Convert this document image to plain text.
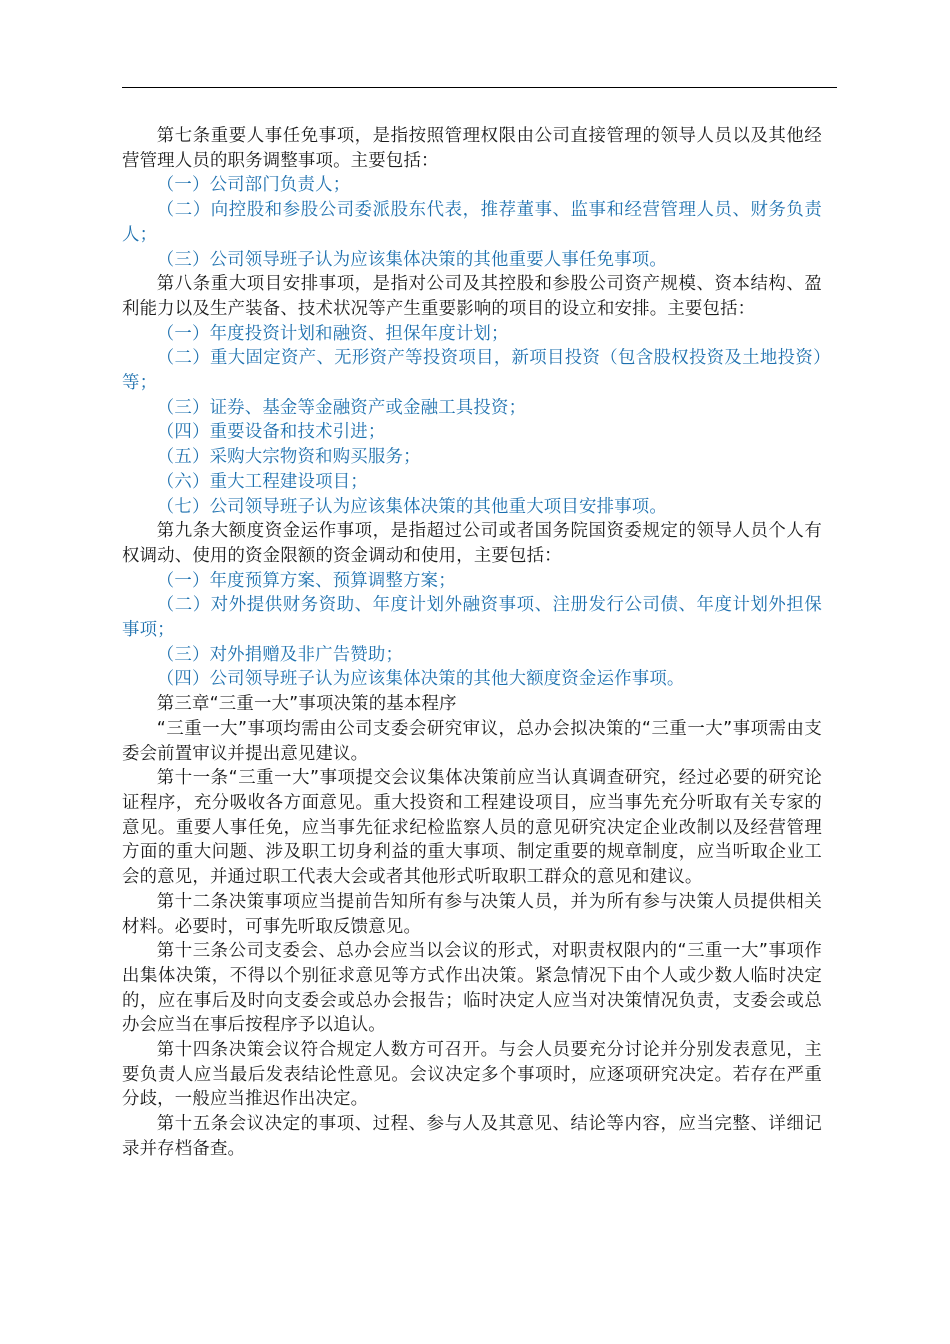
第七条重要人事任免事项，是指按照管理权限由公司直接管理的领导人员以及其他经营管理人员的职务调整事项。主要包括：

（一）公司部门负责人；

（二）向控股和参股公司委派股东代表，推荐董事、监事和经营管理人员、财务负责人；

（三）公司领导班子认为应该集体决策的其他重要人事任免事项。

第八条重大项目安排事项，是指对公司及其控股和参股公司资产规模、资本结构、盈利能力以及生产装备、技术状况等产生重要影响的项目的设立和安排。主要包括：

（一）年度投资计划和融资、担保年度计划；

（二）重大固定资产、无形资产等投资项目，新项目投资（包含股权投资及土地投资）等；

（三）证券、基金等金融资产或金融工具投资；

（四）重要设备和技术引进；

（五）采购大宗物资和购买服务；

（六）重大工程建设项目；

（七）公司领导班子认为应该集体决策的其他重大项目安排事项。

第九条大额度资金运作事项，是指超过公司或者国务院国资委规定的领导人员个人有权调动、使用的资金限额的资金调动和使用，主要包括：

（一）年度预算方案、预算调整方案；

（二）对外提供财务资助、年度计划外融资事项、注册发行公司债、年度计划外担保事项；

（三）对外捐赠及非广告赞助；

（四）公司领导班子认为应该集体决策的其他大额度资金运作事项。

第三章“三重一大”事项决策的基本程序

“三重一大”事项均需由公司支委会研究审议，总办会拟决策的“三重一大”事项需由支委会前置审议并提出意见建议。

第十一条“三重一大”事项提交会议集体决策前应当认真调查研究，经过必要的研究论证程序，充分吸收各方面意见。重大投资和工程建设项目，应当事先充分听取有关专家的意见。重要人事任免，应当事先征求纪检监察人员的意见研究决定企业改制以及经营管理方面的重大问题、涉及职工切身利益的重大事项、制定重要的规章制度，应当听取企业工会的意见，并通过职工代表大会或者其他形式听取职工群众的意见和建议。

第十二条决策事项应当提前告知所有参与决策人员，并为所有参与决策人员提供相关材料。必要时，可事先听取反馈意见。

第十三条公司支委会、总办会应当以会议的形式，对职责权限内的“三重一大”事项作出集体决策，不得以个别征求意见等方式作出决策。紧急情况下由个人或少数人临时决定的，应在事后及时向支委会或总办会报告；临时决定人应当对决策情况负责，支委会或总办会应当在事后按程序予以追认。

第十四条决策会议符合规定人数方可召开。与会人员要充分讨论并分别发表意见，主要负责人应当最后发表结论性意见。会议决定多个事项时，应逐项研究决定。若存在严重分歧，一般应当推迟作出决定。

第十五条会议决定的事项、过程、参与人及其意见、结论等内容，应当完整、详细记录并存档备查。
